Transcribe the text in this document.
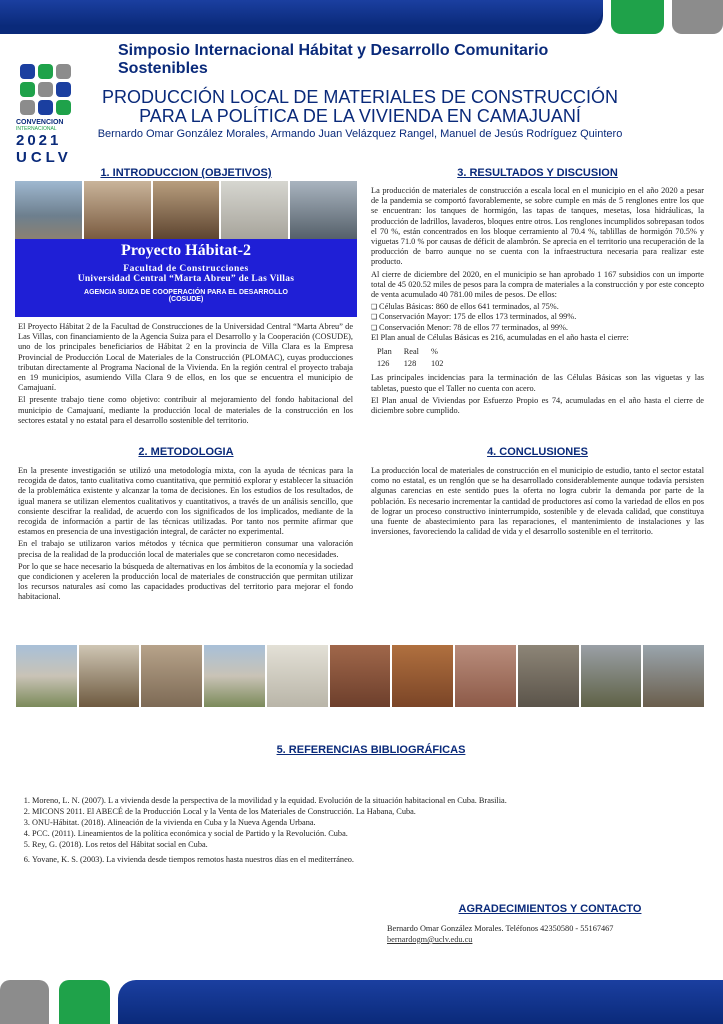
CONVENCION
INTERNACIONAL
2021
UCLV
Simposio Internacional Hábitat y Desarrollo Comunitario Sostenibles
PRODUCCIÓN LOCAL DE MATERIALES DE CONSTRUCCIÓN
PARA LA POLÍTICA DE LA VIVIENDA EN CAMAJUANÍ
Bernardo Omar González Morales, Armando Juan Velázquez Rangel, Manuel de Jesús Rodríguez Quintero
1. INTRODUCCION (OBJETIVOS)
Proyecto Hábitat-2
Facultad de Construcciones
Universidad Central “Marta Abreu” de Las Villas
AGENCIA SUIZA DE COOPERACIÓN PARA EL DESARROLLO
(COSUDE)

El Proyecto Hábitat 2 de la Facultad de Construcciones de la Universidad Central “Marta Abreu” de Las Villas, con financiamiento de la Agencia Suiza para el Desarrollo y la Cooperación (COSUDE), uno de los principales beneficiarios de Hábitat 2 en la provincia de Villa Clara es la Empresa Provincial de Producción Local de Materiales de la Construcción (PLOMAC), cuyas producciones tributan directamente al Programa Nacional de la Vivienda. En la región central el proyecto trabaja en 19 municipios, asumiendo Villa Clara 9 de ellos, en los que se encuentra el municipio de Camajuaní.

El presente trabajo tiene como objetivo: contribuir al mejoramiento del fondo habitacional del municipio de Camajuaní, mediante la producción local de materiales de la construcción en los sectores estatal y no estatal para el desarrollo sostenible del territorio.

2. METODOLOGIA

En la presente investigación se utilizó una metodología mixta, con la ayuda de técnicas para la recogida de datos, tanto cualitativa como cuantitativa, que permitió explorar y establecer la situación de la problemática existente y alcanzar la toma de decisiones. En los estudios de los resultados, de igual manera se utilizan elementos cualitativos y cuantitativos, a través de un análisis sencillo, que consiente descifrar la realidad, de acuerdo con los significados de los implicados, mediante de la recogida de información a partir de las técnicas utilizadas. Por tanto nos permite afirmar que estamos en presencia de una investigación integral, de carácter no experimental.

En el trabajo se utilizaron varios métodos y técnica que permitieron consumar una valoración precisa de la realidad de la producción local de materiales que se concretaron como necesidades.

Por lo que se hace necesario la búsqueda de alternativas en los ámbitos de la economía y la sociedad que condicionen y aceleren la producción local de materiales de construcción que permitan utilizar los recursos naturales así como las capacidades productivas del territorio para mejorar el fondo habitacional.

3. RESULTADOS Y DISCUSION

La producción de materiales de construcción a escala local en el municipio en el año 2020 a pesar de la pandemia se comportó favorablemente, se sobre cumple en más de 5 renglones entre los que se encuentran: los tanques de hormigón, las tapas de tanques, mesetas, losa hidráulicas, la producción de ladrillos, lavaderos, bloques entre otros. Los renglones incumplidos sobrepasan todos el 70 %, están concentrados en los bloque cerramiento al 70.4 %, tablillas de hormigón 70.5% y viguetas 71.0 % por causas de déficit de alambrón. Se aprecia en el territorio una recuperación de la producción de barro aunque no se cuenta con la infraestructura necesaria para realizar este producto.

Al cierre de diciembre del 2020, en el municipio se han aprobado 1 167 subsidios con un importe total de 45 020.52 miles de pesos para la compra de materiales a la construcción y por este concepto de venta acumulado 40 781.00 miles de pesos. De ellos:

❑ Células Básicas: 860 de ellos 641 terminados, al 75%.
❑ Conservación Mayor: 175 de ellos 173 terminados, al 99%.
❑ Conservación Menor: 78 de ellos 77 terminados, al 99%.

El Plan anual de Células Básicas es 216, acumuladas en el año hasta el cierre:

Plan	Real	%
126	128	102

Las principales incidencias para la terminación de las Células Básicas son las viguetas y las tabletas, puesto que el Taller no cuenta con acero.

El Plan anual de Viviendas por Esfuerzo Propio es 74, acumuladas en el año hasta el cierre de diciembre sobre cumplido.

4. CONCLUSIONES

La producción local de materiales de construcción en el municipio de estudio, tanto el sector estatal como no estatal, es un renglón que se ha desarrollado considerablemente aunque todavía persisten algunas carencias en este sentido pues la oferta no logra cubrir la demanda por parte de la población. Es necesario incrementar la cantidad de productores así como la variedad de ellos en pos de lograr un proceso constructivo ininterrumpido, sostenible y de elevada calidad, que constituya una fuente de abastecimiento para las reparaciones, el mantenimiento de instalaciones y las inversiones, favoreciendo la calidad de vida y el desarrollo sostenible en el territorio.

5. REFERENCIAS BIBLIOGRÁFICAS
1. Moreno, L. N. (2007). L a vivienda desde la perspectiva de la movilidad y la equidad. Evolución de la situación habitacional en Cuba. Brasilia.
2. MICONS 2011. El ABECÉ de la Producción Local y la Venta de los Materiales de Construcción. La Habana, Cuba.
3. ONU-Hábitat. (2018). Alineación de la vivienda en Cuba y la Nueva Agenda Urbana.
4. PCC. (2011). Lineamientos de la política económica y social de Partido y la Revolución. Cuba.
5. Rey, G. (2018). Los retos del Hábitat social en Cuba.
6. Yovane, K. S. (2003). La vivienda desde tiempos remotos hasta nuestros días en el mediterráneo.
AGRADECIMIENTOS Y CONTACTO
Bernardo Omar González Morales. Teléfonos 42350580 - 55167467
bernardogm@uclv.edu.cu
